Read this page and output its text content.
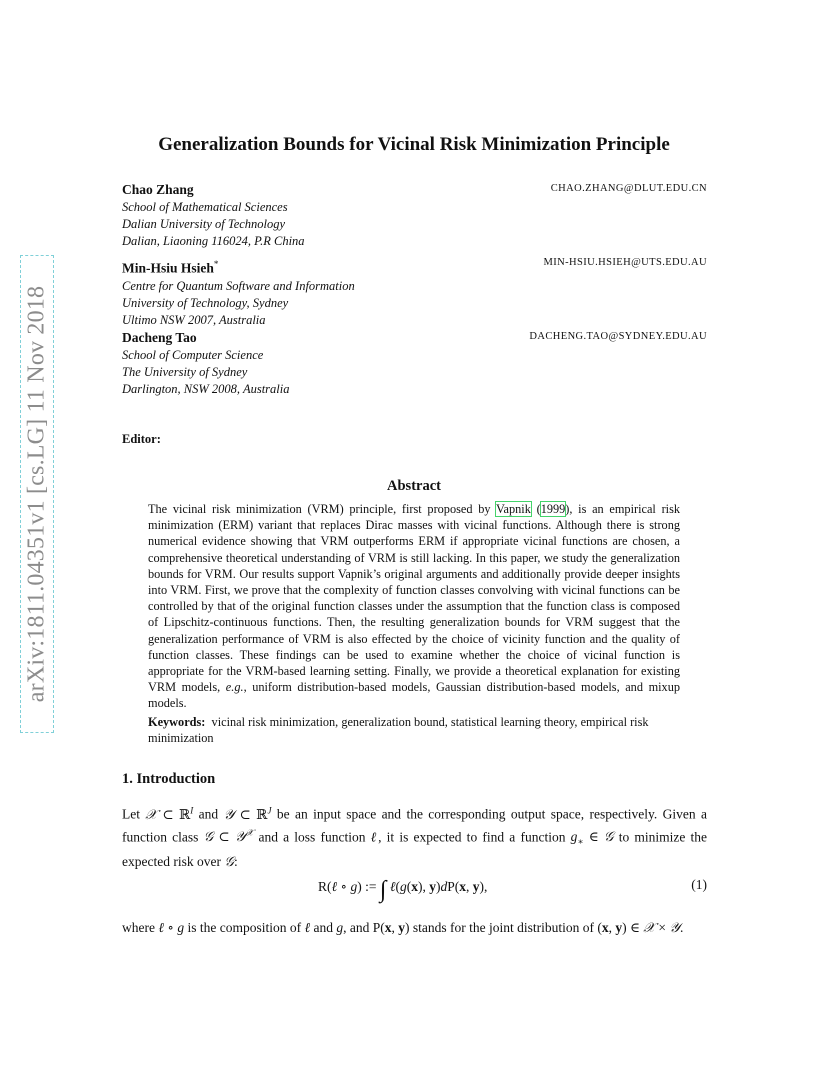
arXiv:1811.04351v1 [cs.LG] 11 Nov 2018
Generalization Bounds for Vicinal Risk Minimization Principle
Chao Zhang	CHAO.ZHANG@DLUT.EDU.CN
School of Mathematical Sciences
Dalian University of Technology
Dalian, Liaoning 116024, P.R China
Min-Hsiu Hsieh*	MIN-HSIU.HSIEH@UTS.EDU.AU
Centre for Quantum Software and Information
University of Technology, Sydney
Ultimo NSW 2007, Australia
Dacheng Tao	DACHENG.TAO@SYDNEY.EDU.AU
School of Computer Science
The University of Sydney
Darlington, NSW 2008, Australia
Editor:
Abstract
The vicinal risk minimization (VRM) principle, first proposed by Vapnik (1999), is an empirical risk minimization (ERM) variant that replaces Dirac masses with vicinal functions. Although there is strong numerical evidence showing that VRM outperforms ERM if appropriate vicinal functions are chosen, a comprehensive theoretical understanding of VRM is still lacking. In this paper, we study the generalization bounds for VRM. Our results support Vapnik’s original arguments and additionally provide deeper insights into VRM. First, we prove that the complexity of function classes convolving with vicinal functions can be controlled by that of the original function classes under the assumption that the function class is composed of Lipschitz-continuous functions. Then, the resulting generalization bounds for VRM suggest that the generalization performance of VRM is also effected by the choice of vicinity function and the quality of function classes. These findings can be used to examine whether the choice of vicinal function is appropriate for the VRM-based learning setting. Finally, we provide a theoretical explanation for existing VRM models, e.g., uniform distribution-based models, Gaussian distribution-based models, and mixup models.
Keywords: vicinal risk minimization, generalization bound, statistical learning theory, empirical risk minimization
1. Introduction
Let 𝒳 ⊂ ℝ$^I$ and 𝒴 ⊂ ℝ$^J$ be an input space and the corresponding output space, respectively. Given a function class 𝒢 ⊂ 𝒴$^𝒳$ and a loss function ℓ, it is expected to find a function $g_∗$ ∈ 𝒢 to minimize the expected risk over 𝒢:
R(ℓ ∘ g) := ∫ ℓ(g(x), y)dP(x, y),	(1)
where ℓ ∘ g is the composition of ℓ and g, and P(x, y) stands for the joint distribution of (x, y) ∈ 𝒳 × 𝒴.
